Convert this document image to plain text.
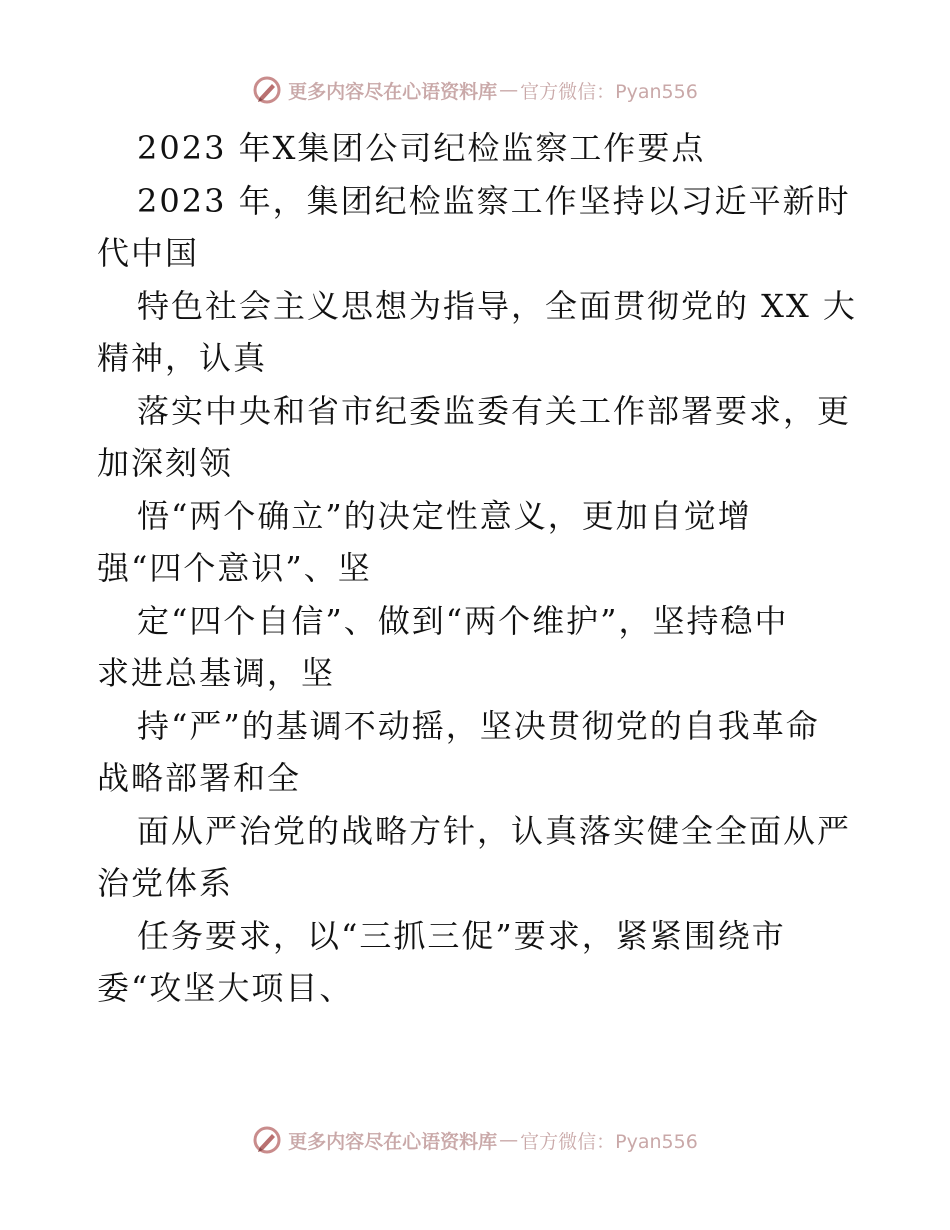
更多内容尽在心语资料库 — 官方微信：Pyan556
2023 年X集团公司纪检监察工作要点
2023 年，集团纪检监察工作坚持以习近平新时
代中国
特色社会主义思想为指导，全面贯彻党的 XX 大
精神，认真
落实中央和省市纪委监委有关工作部署要求，更
加深刻领
悟“两个确立”的决定性意义，更加自觉增
强“四个意识”、坚
定“四个自信”、做到“两个维护”，坚持稳中
求进总基调，坚
持“严”的基调不动摇，坚决贯彻党的自我革命
战略部署和全
面从严治党的战略方针，认真落实健全全面从严
治党体系
任务要求，以“三抓三促”要求，紧紧围绕市
委“攻坚大项目、
更多内容尽在心语资料库 — 官方微信：Pyan556
